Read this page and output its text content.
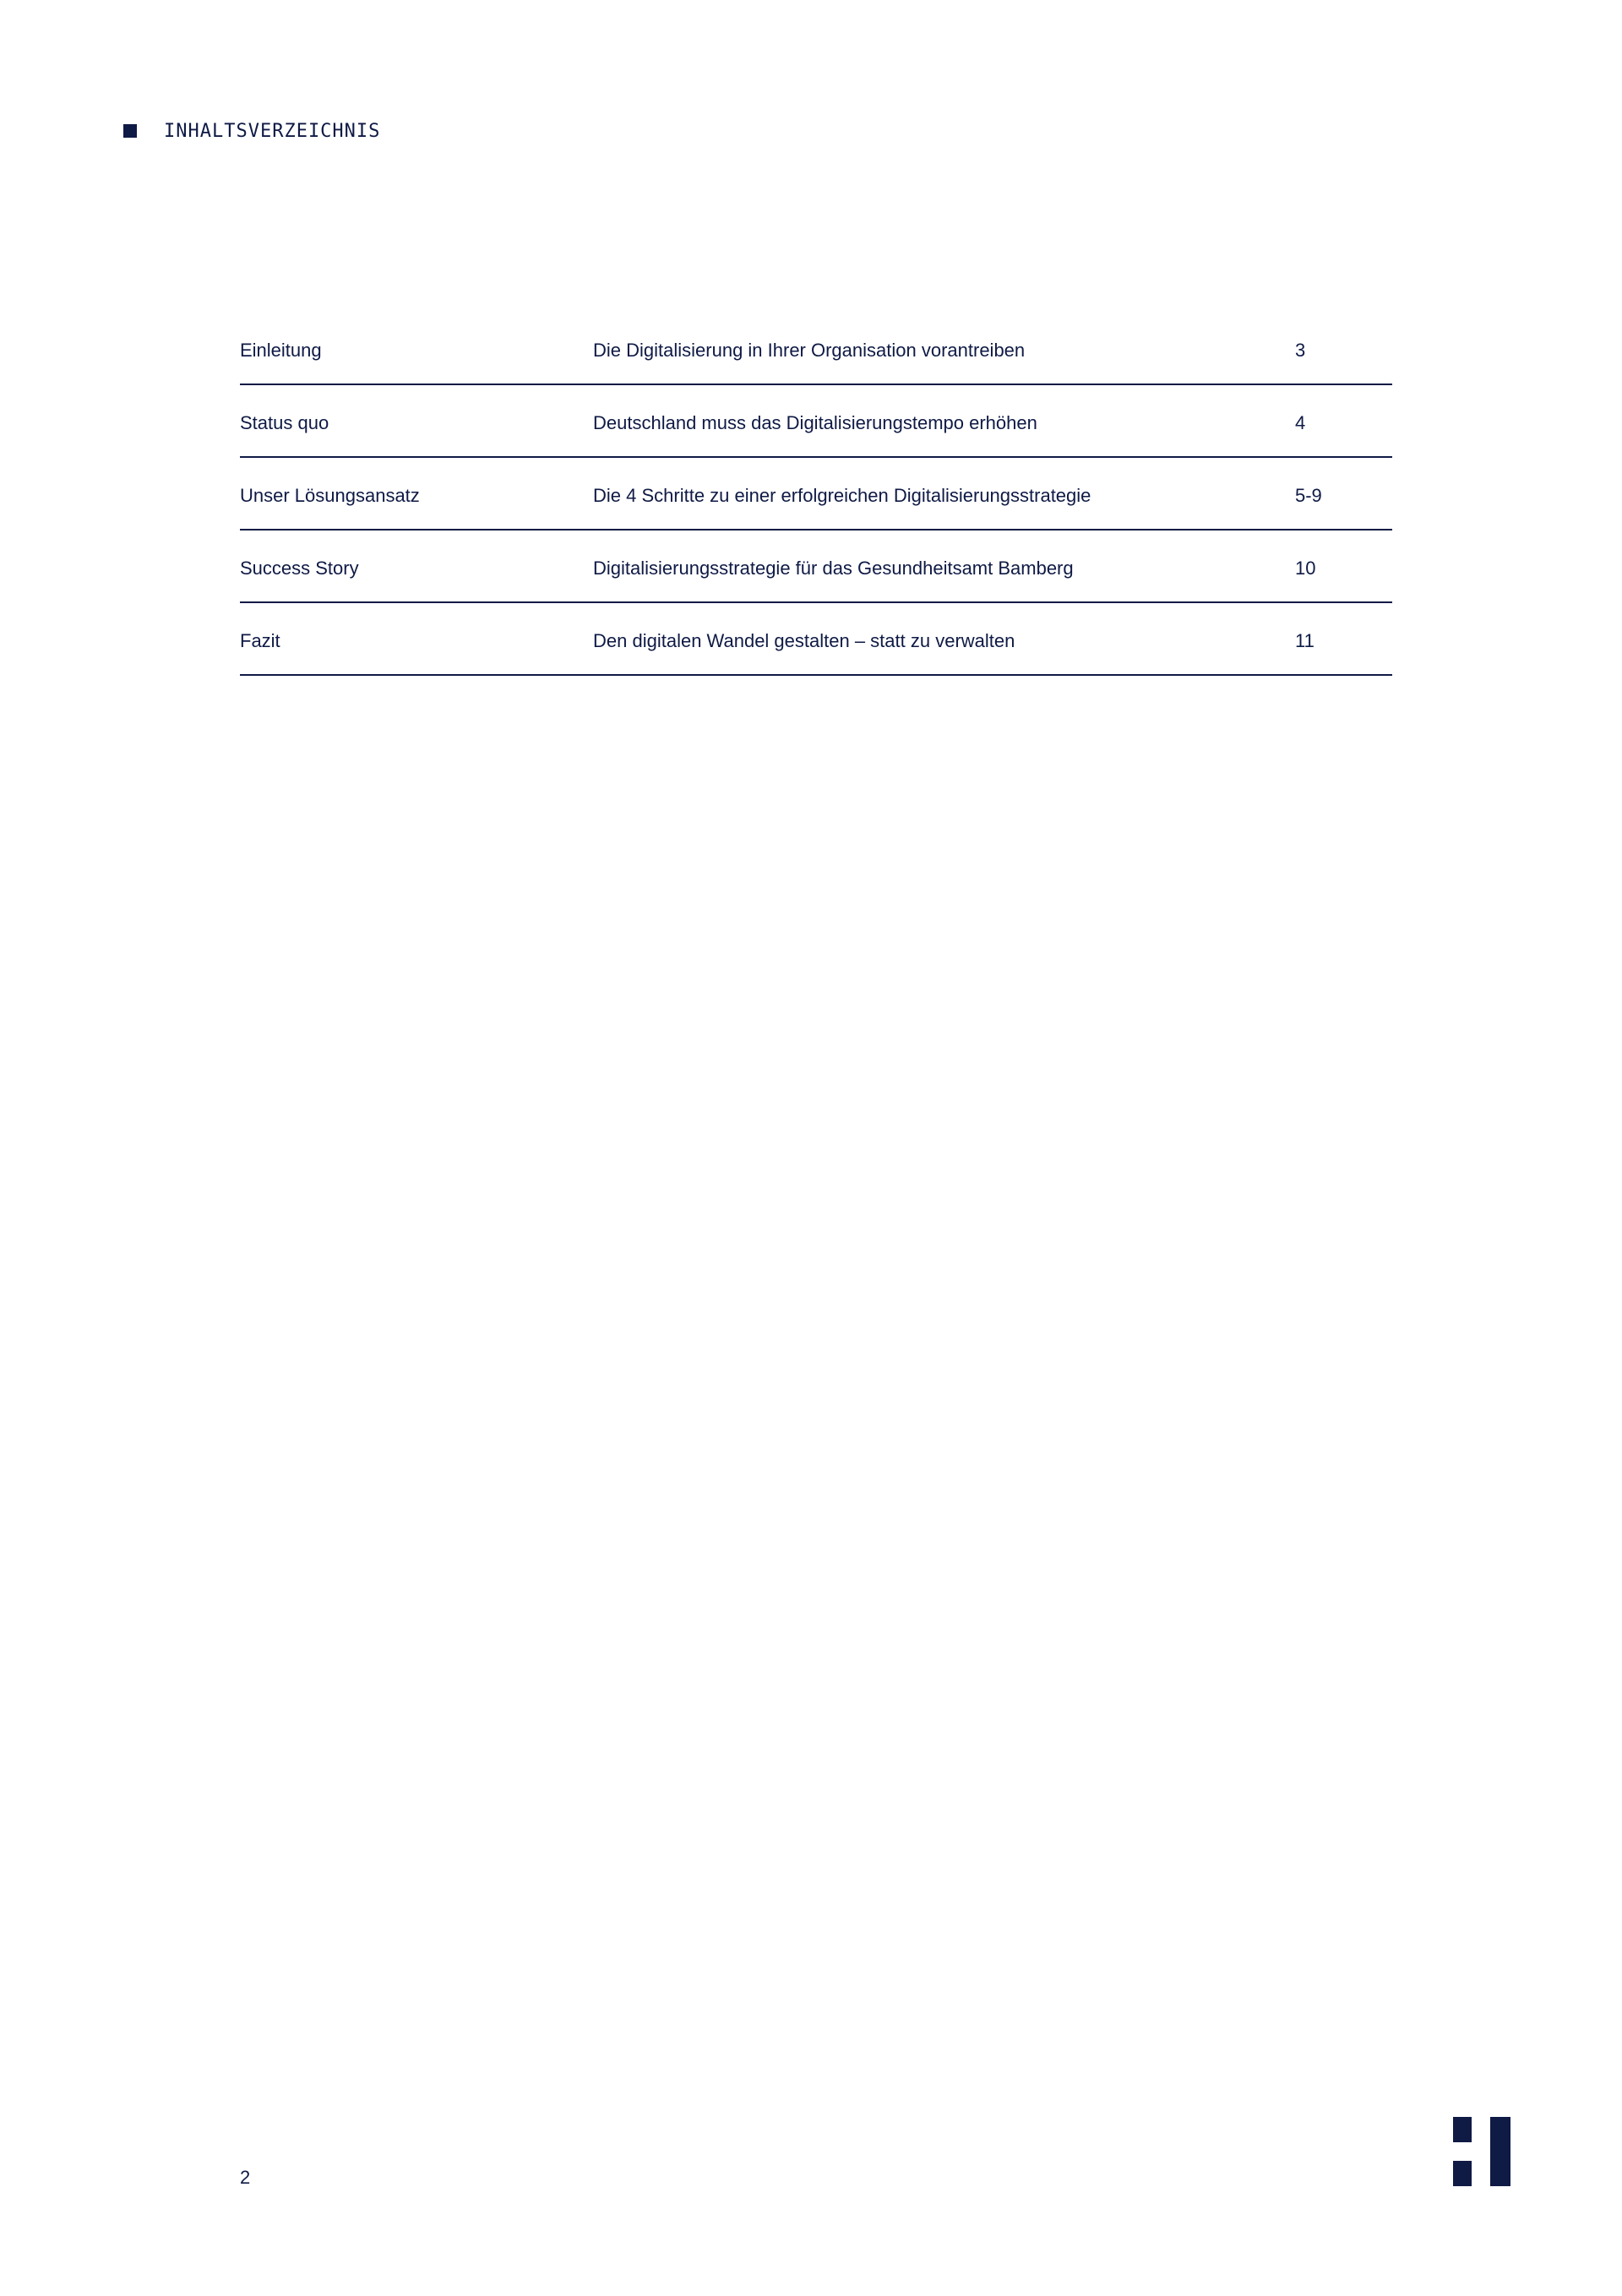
INHALTSVERZEICHNIS
Einleitung	Die Digitalisierung in Ihrer Organisation vorantreiben	3
Status quo	Deutschland muss das Digitalisierungstempo erhöhen	4
Unser Lösungsansatz	Die 4 Schritte zu einer erfolgreichen Digitalisierungsstrategie	5-9
Success Story	Digitalisierungsstrategie für das Gesundheitsamt Bamberg	10
Fazit	Den digitalen Wandel gestalten – statt zu verwalten	11
2
